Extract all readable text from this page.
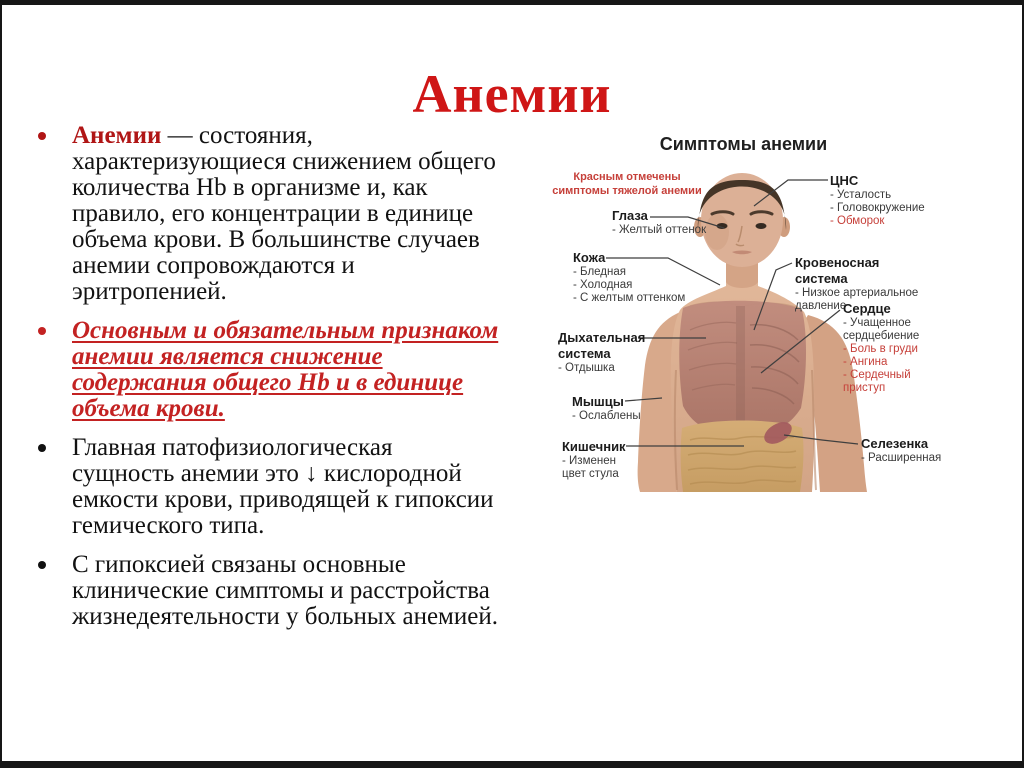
Анемии
Анемии — состояния, характеризующиеся снижением общего количества Hb в организме и, как правило, его концентрации в единице объема крови. В большинстве случаев анемии сопровождаются и эритропенией.
Основным и обязательным признаком анемии является снижение содержания общего Hb и в единице объема крови.
Главная патофизиологическая сущность анемии это ↓ кислородной емкости крови, приводящей к гипоксии гемического типа.
С гипоксией связаны основные клинические симптомы и расстройства жизнедеятельности у больных анемией.
Симптомы анемии
Красным отмечены
симптомы тяжелой анемии
Глаза
- Желтый оттенок
Кожа
- Бледная
- Холодная
- С желтым оттенком
Дыхательная система
- Отдышка
Мышцы
- Ослаблены
Кишечник
- Изменен цвет стула
ЦНС
- Усталость
- Головокружение
- Обморок
Кровеносная система
- Низкое артериальное давление
Сердце
- Учащенное сердцебиение
- Боль в груди
- Ангина
- Сердечный приступ
Селезенка
- Расширенная
